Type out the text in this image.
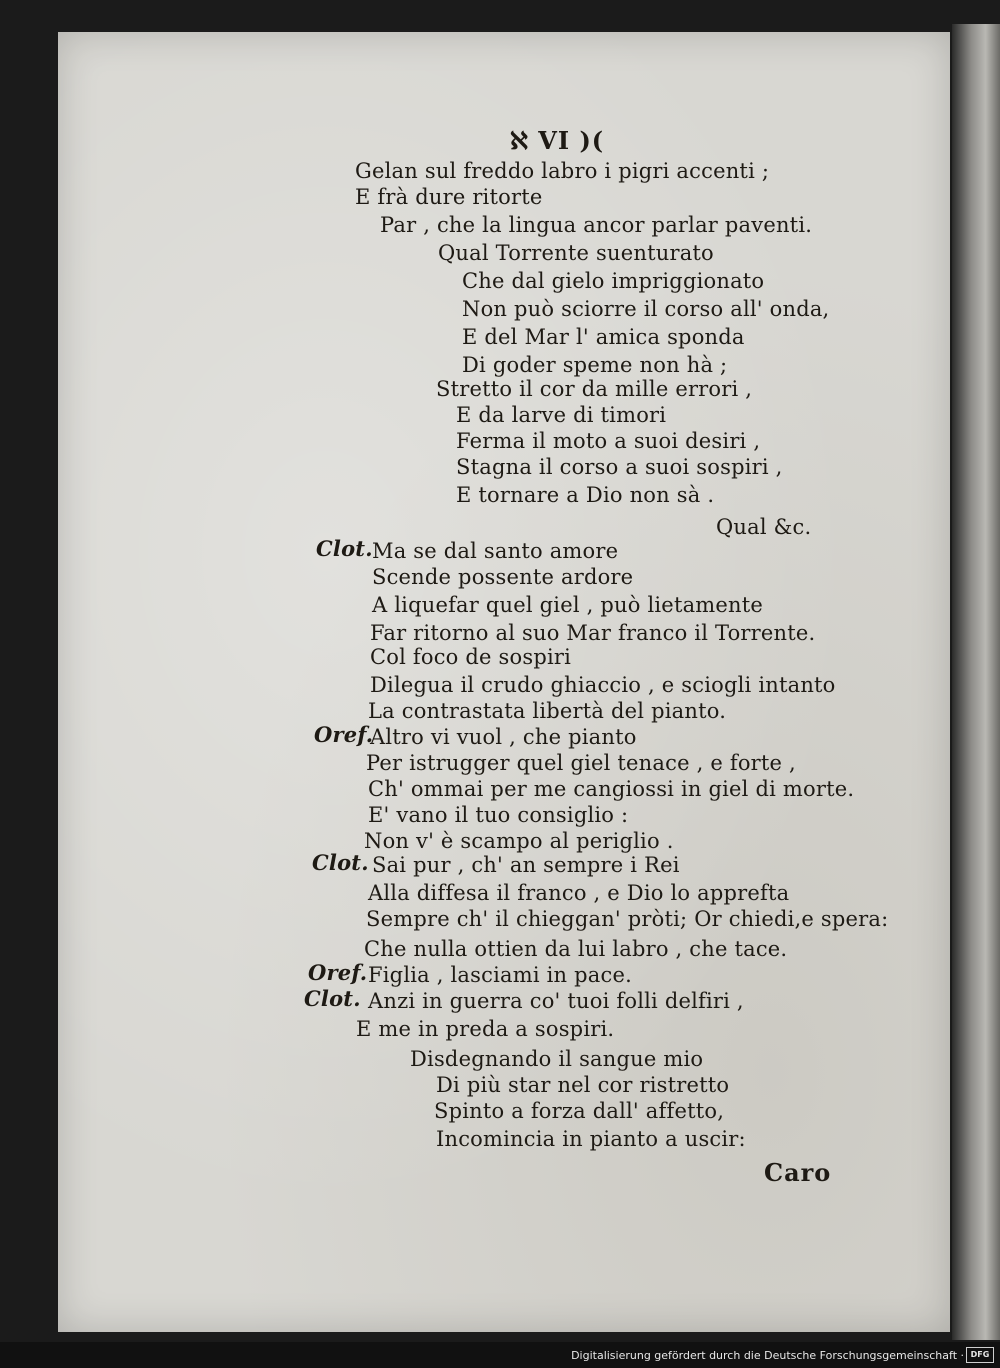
ℵ VI )(
Gelan sul freddo labro i pigri accenti ;
E frà dure ritorte
Par , che la lingua ancor parlar paventi.
Qual Torrente suenturato
Che dal gielo impriggionato
Non può sciorre il corso all' onda,
E del Mar l' amica sponda
Di goder speme non hà ;
Stretto il cor da mille errori ,
E da larve di timori
Ferma il moto a suoi desiri ,
Stagna il corso a suoi sospiri ,
E tornare a Dio non sà .
Qual &c.
Clot. Ma se dal santo amore
Scende possente ardore
A liquefar quel giel , può lietamente
Far ritorno al suo Mar franco il Torrente.
Col foco de sospiri
Dilegua il crudo ghiaccio , e sciogli intanto
La contrastata libertà del pianto.
Oref.
Altro vi vuol , che pianto
Per istrugger quel giel tenace , e forte ,
Ch' ommai per me cangiossi in giel di morte.
E' vano il tuo consiglio :
Non v' è scampo al periglio .
Clot. Sai pur , ch' an sempre i Rei
Alla diffesa il franco , e Dio lo apprefta
Sempre ch' il chieggan' pròti; Or chiedi,e spera:
Che nulla ottien da lui labro , che tace.
Oref. Figlia , lasciami in pace.
Clot. Anzi in guerra co' tuoi folli delfiri ,
E me in preda a sospiri.
Disdegnando il sangue mio
Di più star nel cor ristretto
Spinto a forza dall' affetto,
Incomincia in pianto a uscir:
Caro
Digitalisierung gefördert durch die Deutsche Forschungsgemeinschaft · DFG
